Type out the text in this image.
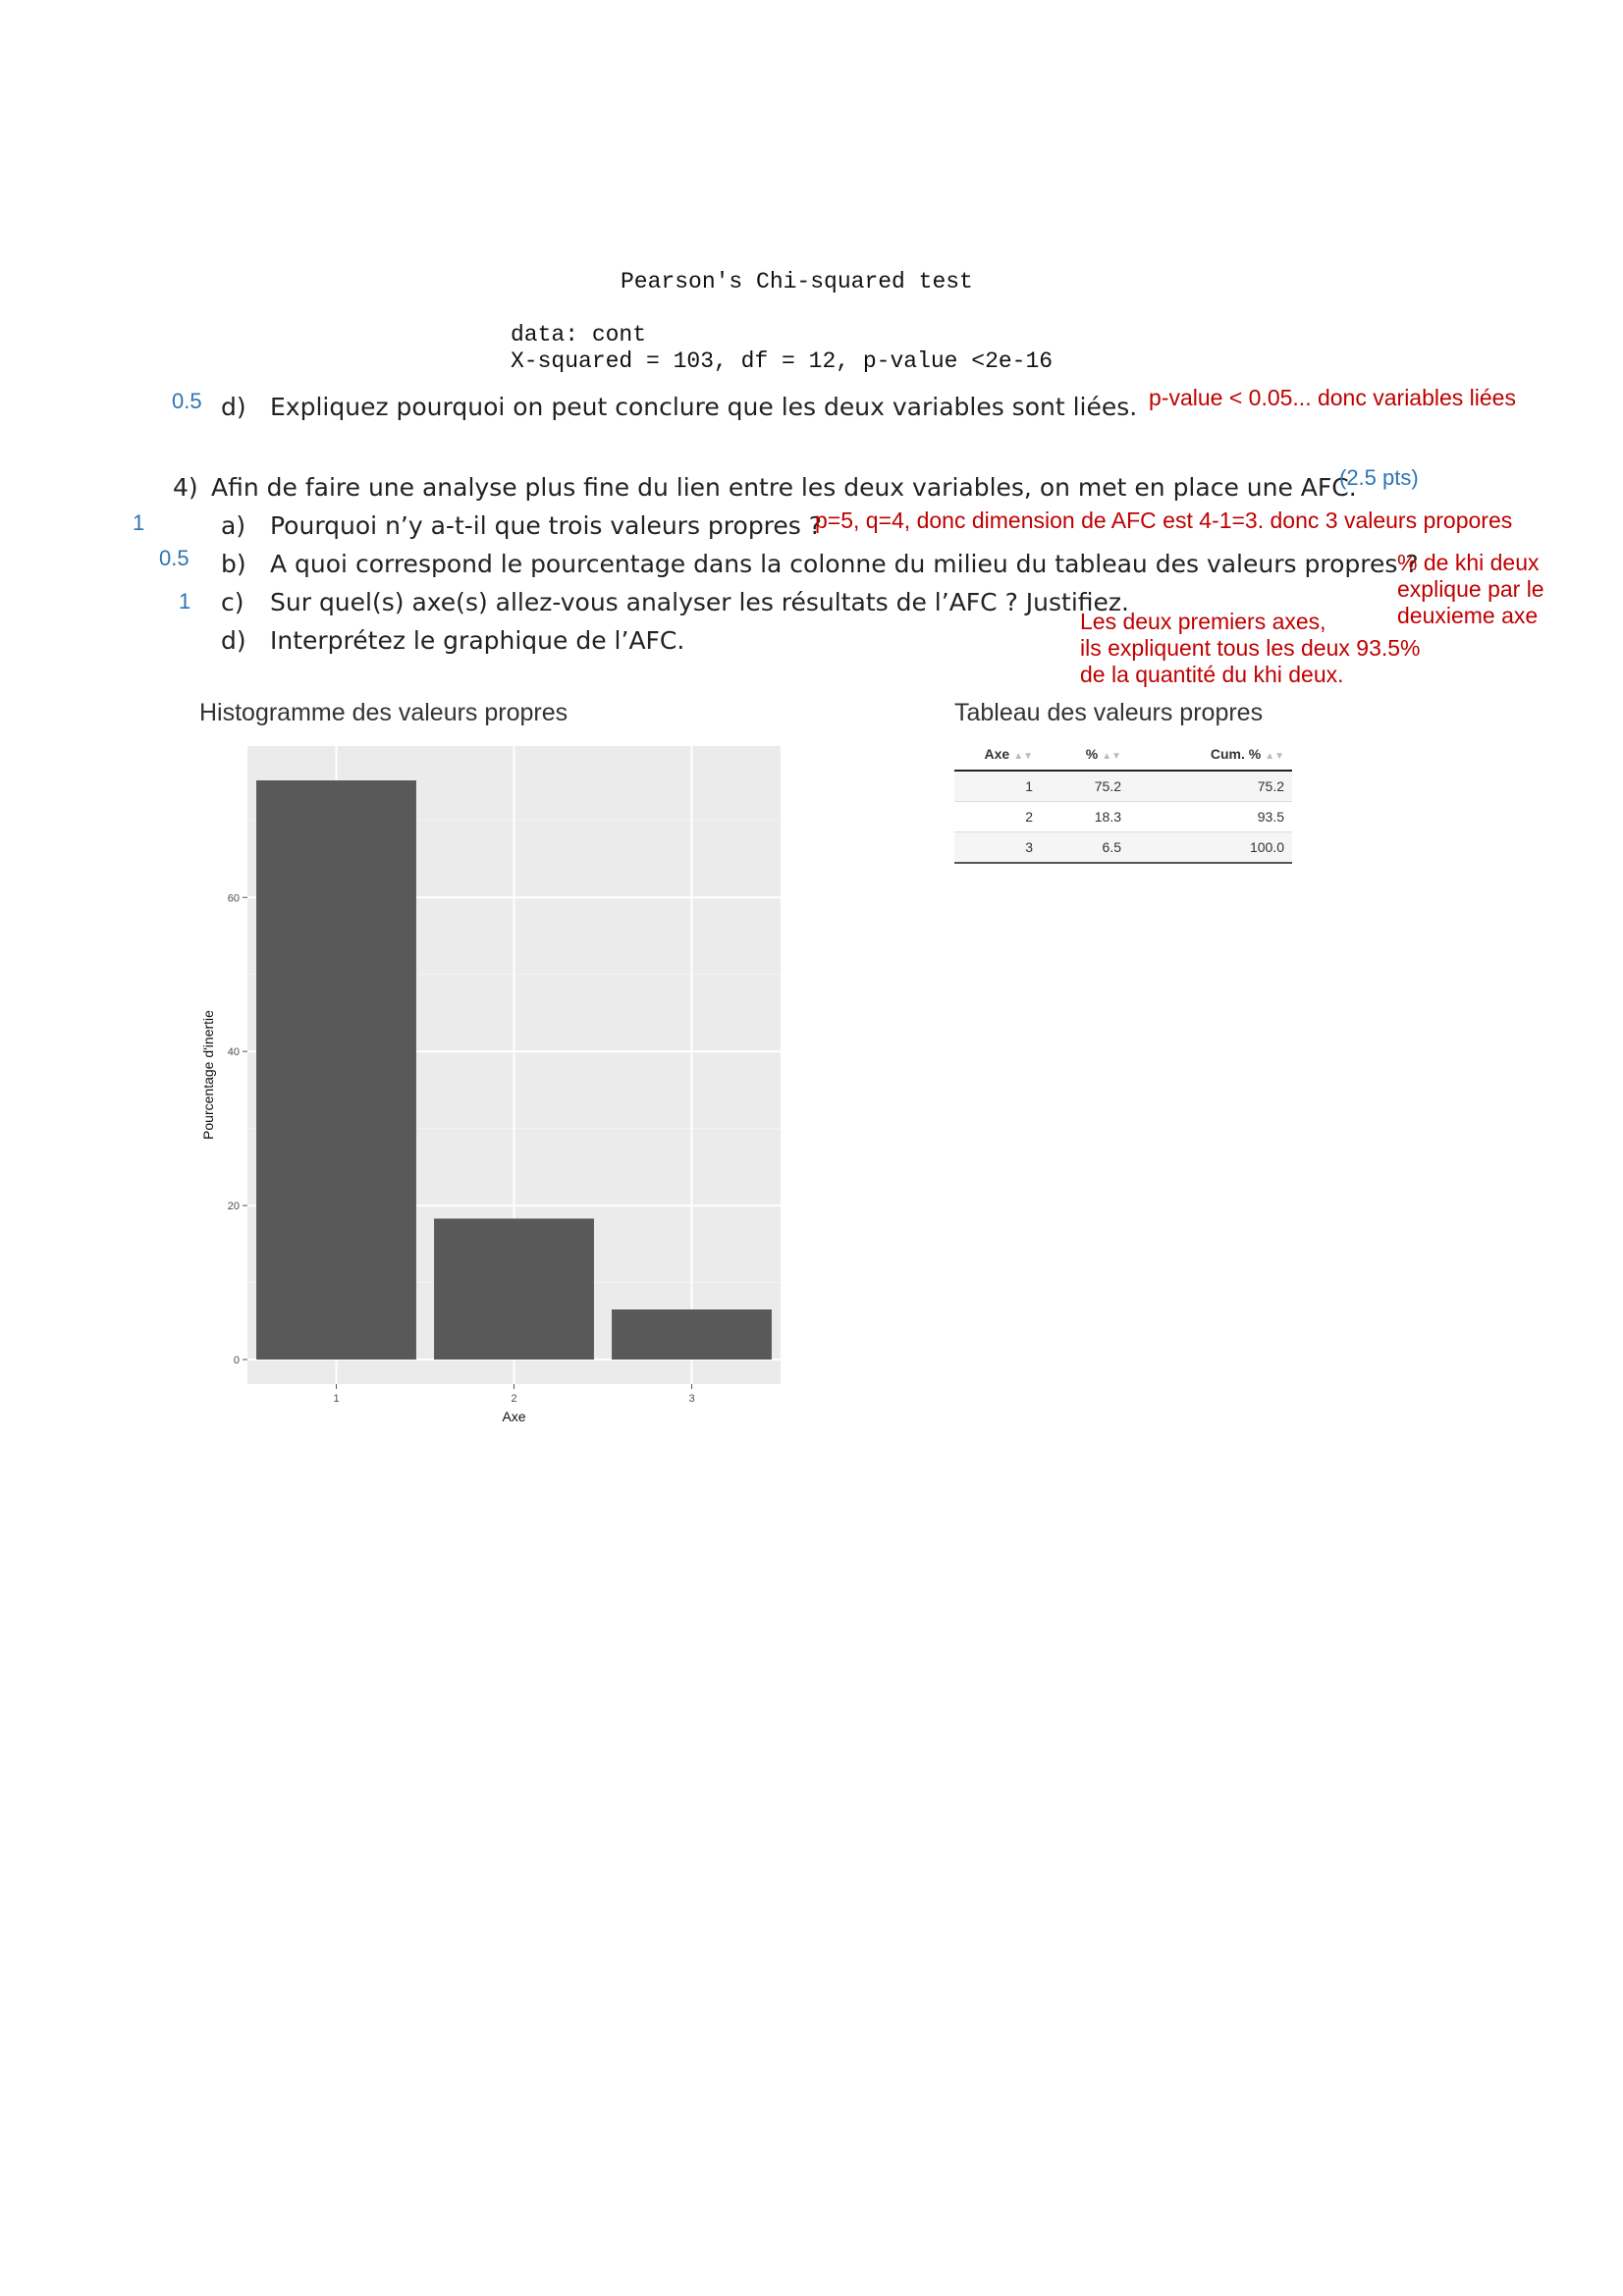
Pearson's Chi-squared test
data: cont
X-squared = 103, df = 12, p-value <2e-16
0.5 d) Expliquez pourquoi on peut conclure que les deux variables sont liées. p-value < 0.05... donc variables liées
4) Afin de faire une analyse plus fine du lien entre les deux variables, on met en place une AFC.
(2.5 pts)
1	a) Pourquoi n’y a-t-il que trois valeurs propres ?
p=5, q=4, donc dimension de AFC est 4-1=3. donc 3 valeurs propores
0.5 b) A quoi correspond le pourcentage dans la colonne du milieu du tableau des valeurs propres ?
% de khi deux
explique par le
deuxieme axe
1 c) Sur quel(s) axe(s) allez-vous analyser les résultats de l’AFC ? Justifiez.
Les deux premiers axes,
ils expliquent tous les deux 93.5%
de la quantité du khi deux.
d) Interprétez le graphique de l’AFC.
Histogramme des valeurs propres
0
20
40
60
1	2	3
Axe
Pourcentage d'inertie
Tableau des valeurs propres
Axe ▲▼	% ▲▼	Cum. % ▲▼
1	75.2	75.2
2	18.3	93.5
3	6.5	100.0
